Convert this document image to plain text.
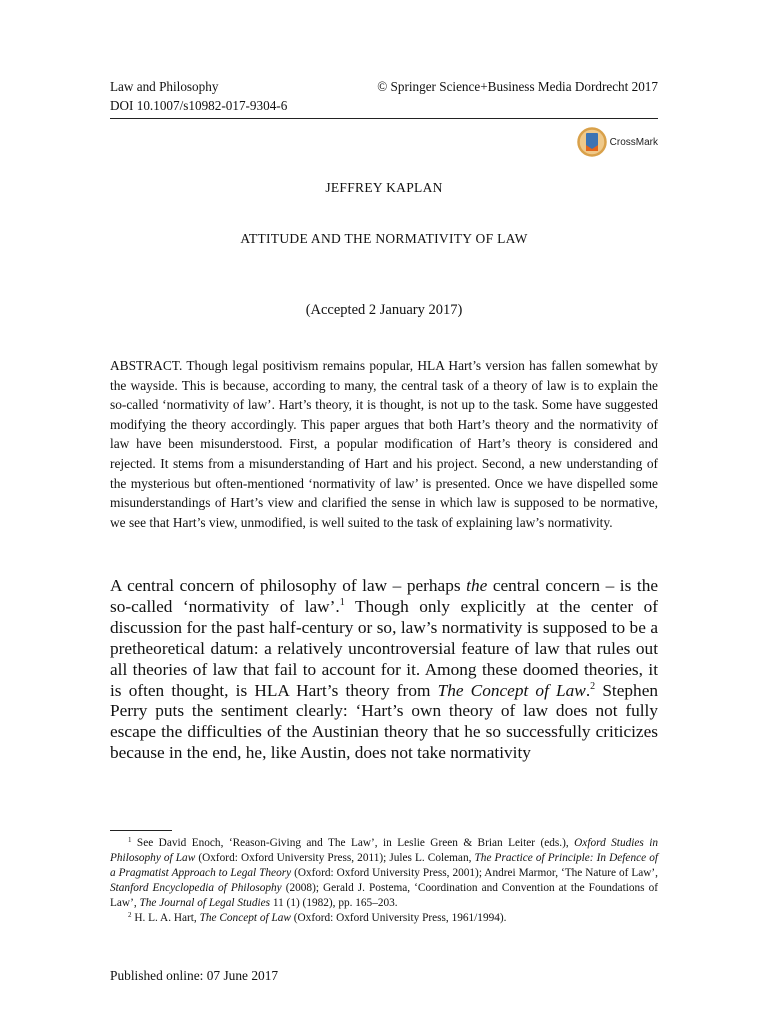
Law and Philosophy	© Springer Science+Business Media Dordrecht 2017
DOI 10.1007/s10982-017-9304-6
CrossMark
JEFFREY KAPLAN
ATTITUDE AND THE NORMATIVITY OF LAW
(Accepted 2 January 2017)

ABSTRACT. Though legal positivism remains popular, HLA Hart’s version has fallen somewhat by the wayside. This is because, according to many, the central task of a theory of law is to explain the so-called ‘normativity of law’. Hart’s theory, it is thought, is not up to the task. Some have suggested modifying the theory accordingly. This paper argues that both Hart’s theory and the normativity of law have been misunderstood. First, a popular modification of Hart’s theory is considered and rejected. It stems from a misunderstanding of Hart and his project. Second, a new understanding of the mysterious but often-mentioned ‘normativity of law’ is presented. Once we have dispelled some misunderstandings of Hart’s view and clarified the sense in which law is supposed to be normative, we see that Hart’s view, unmodified, is well suited to the task of explaining law’s normativity.

A central concern of philosophy of law – perhaps the central concern – is the so-called ‘normativity of law’.$^1$ Though only explicitly at the center of discussion for the past half-century or so, law’s normativity is supposed to be a pretheoretical datum: a relatively uncontroversial feature of law that rules out all theories of law that fail to account for it. Among these doomed theories, it is often thought, is HLA Hart’s theory from The Concept of Law.$^2$ Stephen Perry puts the sentiment clearly: ‘Hart’s own theory of law does not fully escape the difficulties of the Austinian theory that he so successfully criticizes because in the end, he, like Austin, does not take normativity

$^1$ See David Enoch, ‘Reason-Giving and The Law’, in Leslie Green & Brian Leiter (eds.), Oxford Studies in Philosophy of Law (Oxford: Oxford University Press, 2011); Jules L. Coleman, The Practice of Principle: In Defence of a Pragmatist Approach to Legal Theory (Oxford: Oxford University Press, 2001); Andrei Marmor, ‘The Nature of Law’, Stanford Encyclopedia of Philosophy (2008); Gerald J. Postema, ‘Coordination and Convention at the Foundations of Law’, The Journal of Legal Studies 11 (1) (1982), pp. 165–203.

$^2$ H. L. A. Hart, The Concept of Law (Oxford: Oxford University Press, 1961/1994).

Published online: 07 June 2017
